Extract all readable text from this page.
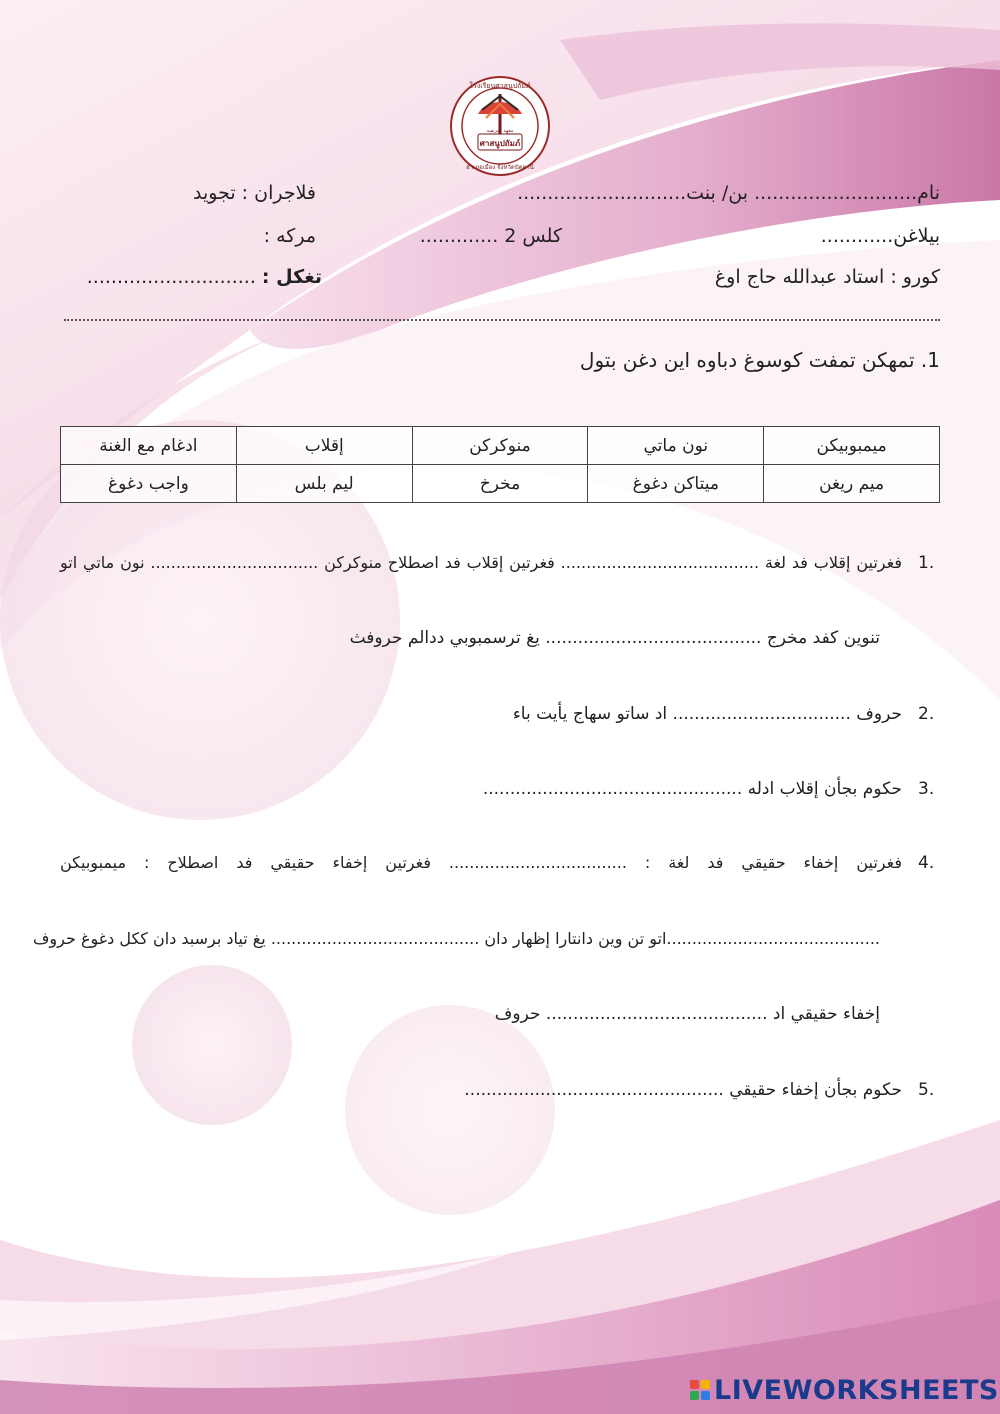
โรงเรียนศาสนูปถัมภ์
معهد الترنفية
ศาสนูปถัมภ์
อำเภอเมือง จังหวัดปัตตานี
نام........................... بن/ بنت............................
فلاجران : تجويد
بيلاغن............
كلس 2 .............
مركه :
كورو : استاد عبدالله حاج اوغ
تغكل : ............................
1. تمهكن تمفت كوسوغ دباوه اين دغن بتول
ميمبوبيكن	نون ماتي	منوكركن	إقلاب	ادغام مع الغنة
ميم ريغن	ميتاكن دغوغ	مخرخ	ليم بلس	واجب دغوغ
1.
فغرتين إقلاب فد لغة ....................................... فغرتين إقلاب فد اصطلاح منوكركن ................................. نون ماتي اتو
تنوين كفد مخرج ........................................ يغ ترسمبوبي ددالم حروفث
2.حروف ................................. اد ساتو سهاج يأيت باء
3.حكوم بجأن إقلاب ادله ................................................
4.
فغرتين إخفاء حقيقي فد لغة : ................................... فغرتين إخفاء حقيقي فد اصطلاح : ميمبوبيكن
..........................................اتو تن وين دانتارا إظهار دان ......................................... يغ تياد برسبد دان ككل دغوغ حروف
إخفاء حقيقي اد ......................................... حروف
5.حكوم بجأن إخفاء حقيقي ................................................
LIVEWORKSHEETS
